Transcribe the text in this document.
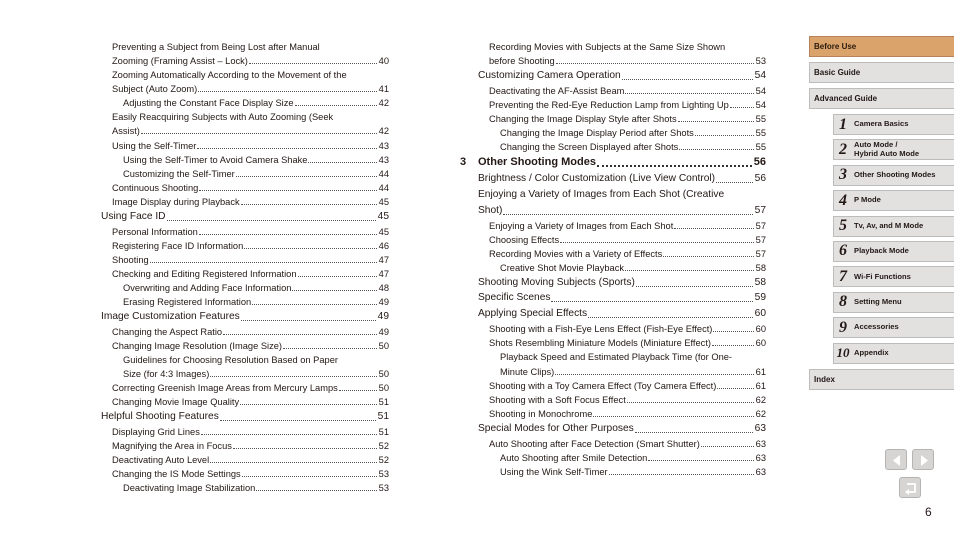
Preventing a Subject from Being Lost after Manual
Zooming (Framing Assist – Lock)	40
Zooming Automatically According to the Movement of the
Subject (Auto Zoom)	41
Adjusting the Constant Face Display Size	42
Easily Reacquiring Subjects with Auto Zooming (Seek
Assist)	42
Using the Self-Timer	43
Using the Self-Timer to Avoid Camera Shake	43
Customizing the Self-Timer	44
Continuous Shooting	44
Image Display during Playback	45
Using Face ID	45
Personal Information	45
Registering Face ID Information	46
Shooting	47
Checking and Editing Registered Information	47
Overwriting and Adding Face Information	48
Erasing Registered Information	49
Image Customization Features	49
Changing the Aspect Ratio	49
Changing Image Resolution (Image Size)	50
Guidelines for Choosing Resolution Based on Paper
Size (for 4:3 Images)	50
Correcting Greenish Image Areas from Mercury Lamps	50
Changing Movie Image Quality	51
Helpful Shooting Features	51
Displaying Grid Lines	51
Magnifying the Area in Focus	52
Deactivating Auto Level	52
Changing the IS Mode Settings	53
Deactivating Image Stabilization	53
Recording Movies with Subjects at the Same Size Shown
before Shooting	53
Customizing Camera Operation	54
Deactivating the AF-Assist Beam	54
Preventing the Red-Eye Reduction Lamp from Lighting Up	54
Changing the Image Display Style after Shots	55
Changing the Image Display Period after Shots	55
Changing the Screen Displayed after Shots	55
3 Other Shooting Modes	56
Brightness / Color Customization (Live View Control)	56
Enjoying a Variety of Images from Each Shot (Creative
Shot)	57
Enjoying a Variety of Images from Each Shot	57
Choosing Effects	57
Recording Movies with a Variety of Effects	57
Creative Shot Movie Playback	58
Shooting Moving Subjects (Sports)	58
Specific Scenes	59
Applying Special Effects	60
Shooting with a Fish-Eye Lens Effect (Fish-Eye Effect)	60
Shots Resembling Miniature Models (Miniature Effect)	60
Playback Speed and Estimated Playback Time (for One-
Minute Clips)	61
Shooting with a Toy Camera Effect (Toy Camera Effect)	61
Shooting with a Soft Focus Effect	62
Shooting in Monochrome	62
Special Modes for Other Purposes	63
Auto Shooting after Face Detection (Smart Shutter)	63
Auto Shooting after Smile Detection	63
Using the Wink Self-Timer	63
Before Use
Basic Guide
Advanced Guide
1 Camera Basics
2 Auto Mode /
Hybrid Auto Mode
3 Other Shooting Modes
4 P Mode
5 Tv, Av, and M Mode
6 Playback Mode
7 Wi-Fi Functions
8 Setting Menu
9 Accessories
10 Appendix
Index
6
